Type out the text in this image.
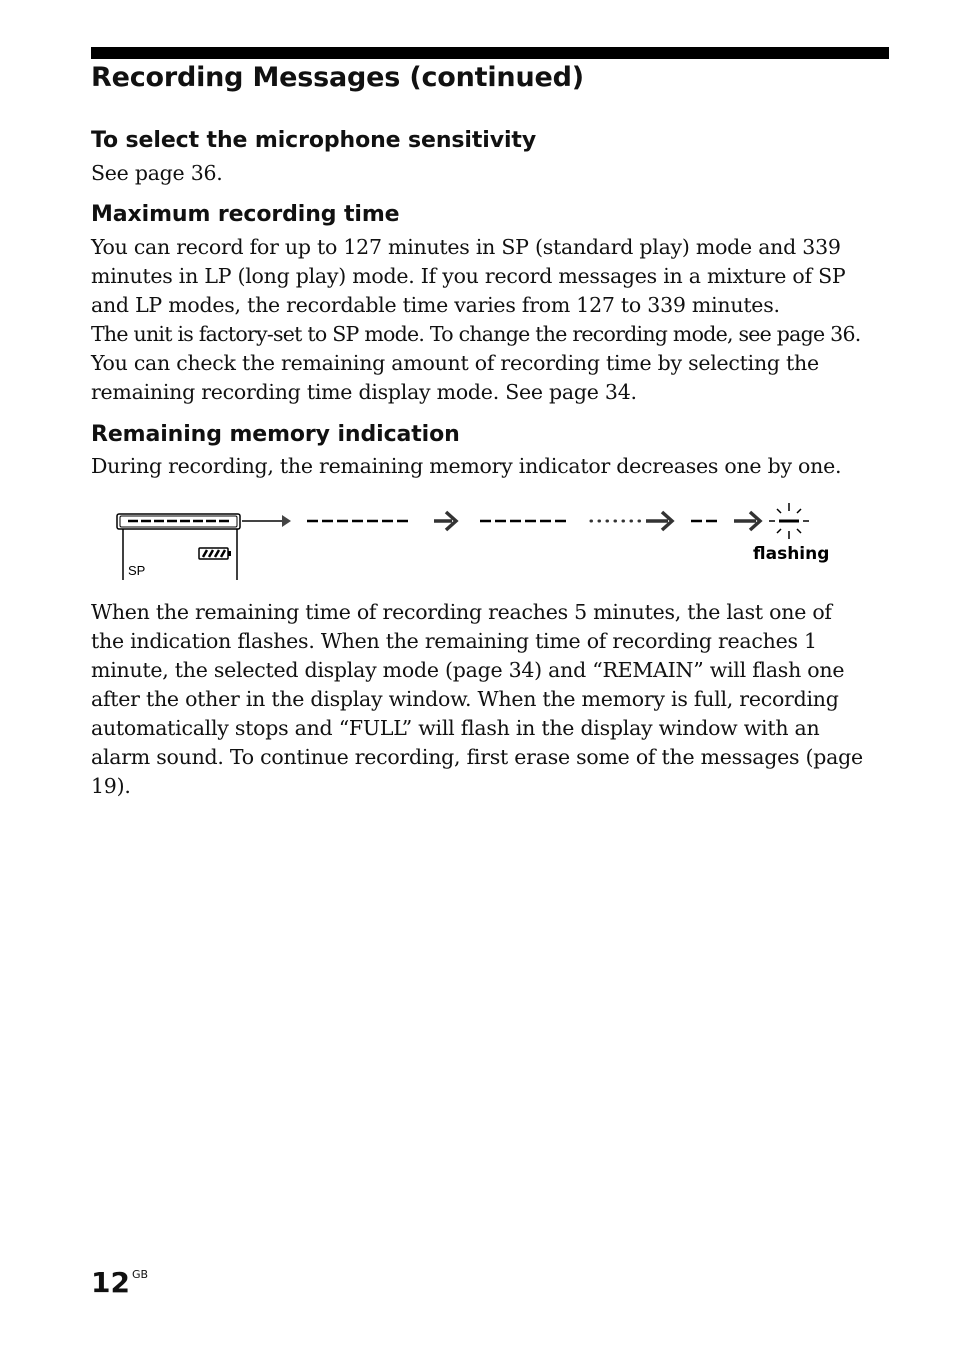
Recording Messages (continued)
To select the microphone sensitivity

See page 36.

Maximum recording time

You can record for up to 127 minutes in SP (standard play) mode and 339
minutes in LP (long play) mode. If you record messages in a mixture of SP
and LP modes, the recordable time varies from 127 to 339 minutes.
The unit is factory-set to SP mode. To change the recording mode, see page 36.
You can check the remaining amount of recording time by selecting the
remaining recording time display mode. See page 34.

Remaining memory indication

During recording, the remaining memory indicator decreases one by one.

SP
flashing

When the remaining time of recording reaches 5 minutes, the last one of
the indication flashes. When the remaining time of recording reaches 1
minute, the selected display mode (page 34) and “REMAIN” will flash one
after the other in the display window. When the memory is full, recording
automatically stops and “FULL” will flash in the display window with an
alarm sound. To continue recording, first erase some of the messages (page
19).

12 $^{GB}$
